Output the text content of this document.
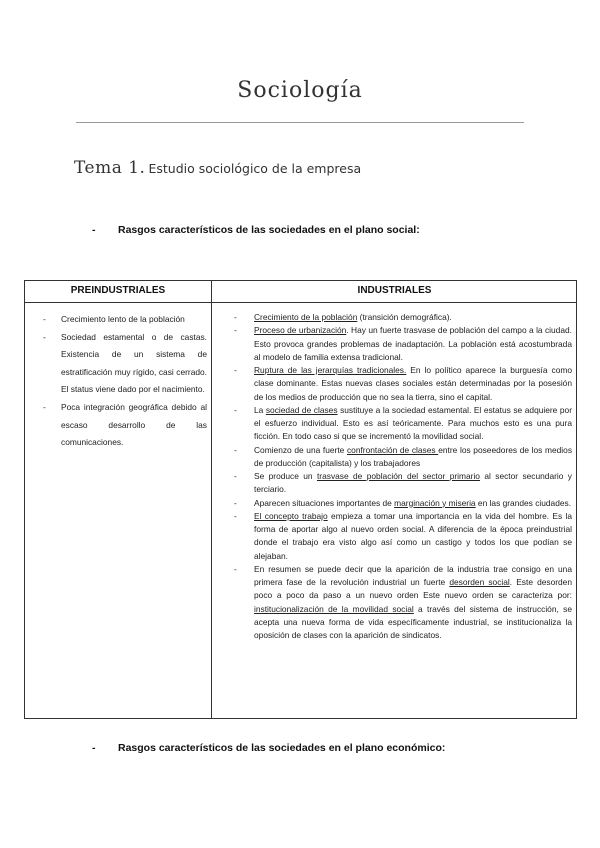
Sociología
Tema 1. Estudio sociológico de la empresa
- Rasgos característicos de las sociedades en el plano social:
PREINDUSTRIALES	INDUSTRIALES
- Crecimiento lento de la población
- Sociedad estamental o de castas. Existencia de un sistema de estratificación muy rígido, casi cerrado. El status viene dado por el nacimiento.
- Poca integración geográfica debido al escaso desarrollo de las comunicaciones.
- Crecimiento de la población (transición demográfica).
- Proceso de urbanización. Hay un fuerte trasvase de población del campo a la ciudad. Esto provoca grandes problemas de inadaptación. La población está acostumbrada al modelo de familia extensa tradicional.
- Ruptura de las jerarquías tradicionales. En lo político aparece la burguesía como clase dominante. Estas nuevas clases sociales están determinadas por la posesión de los medios de producción que no sea la tierra, sino el capital.
- La sociedad de clases sustituye a la sociedad estamental. El estatus se adquiere por el esfuerzo individual. Esto es así teóricamente. Para muchos esto es una pura ficción. En todo caso si que se incrementó la movilidad social.
- Comienzo de una fuerte confrontación de clases entre los poseedores de los medios de producción (capitalista) y los trabajadores
- Se produce un trasvase de población del sector primario al sector secundario y terciario.
- Aparecen situaciones importantes de marginación y miseria en las grandes ciudades.
- El concepto trabajo empieza a tomar una importancia en la vida del hombre. Es la forma de aportar algo al nuevo orden social. A diferencia de la época preindustrial donde el trabajo era visto algo así como un castigo y todos los que podían se alejaban.
- En resumen se puede decir que la aparición de la industria trae consigo en una primera fase de la revolución industrial un fuerte desorden social. Este desorden poco a poco da paso a un nuevo orden Este nuevo orden se caracteriza por: institucionalización de la movilidad social a través del sistema de instrucción, se acepta una nueva forma de vida específicamente industrial, se institucionaliza la oposición de clases con la aparición de sindicatos.
- Rasgos característicos de las sociedades en el plano económico:
